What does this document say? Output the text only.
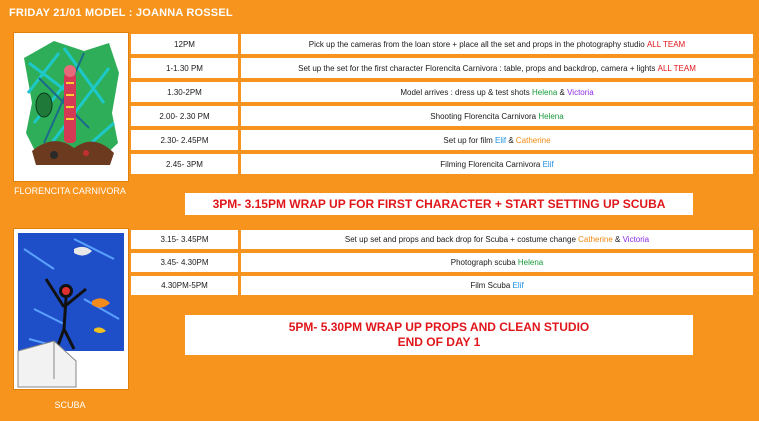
FRIDAY 21/01 MODEL : JOANNA ROSSEL
FLORENCITA CARNIVORA
SCUBA
12PM	Pick up the cameras from the loan store + place all the set and props in the photography studio ALL TEAM
1-1.30 PM	Set up the set for the first character Florencita Carnivora : table, props and backdrop, camera + lights ALL TEAM
1.30-2PM	Model arrives : dress up & test shots Helena & Victoria
2.00- 2.30 PM	Shooting Florencita Carnivora Helena
2.30- 2.45PM	Set up for film Elif & Catherine
2.45- 3PM	Filming Florencita Carnivora Elif
3PM- 3.15PM WRAP UP FOR FIRST CHARACTER + START SETTING UP SCUBA
3.15- 3.45PM	Set up set and props and back drop for Scuba + costume change Catherine & Victoria
3.45- 4.30PM	Photograph scuba Helena
4.30PM-5PM	Film Scuba Elif
5PM- 5.30PM WRAP UP PROPS AND CLEAN STUDIO
END OF DAY 1
